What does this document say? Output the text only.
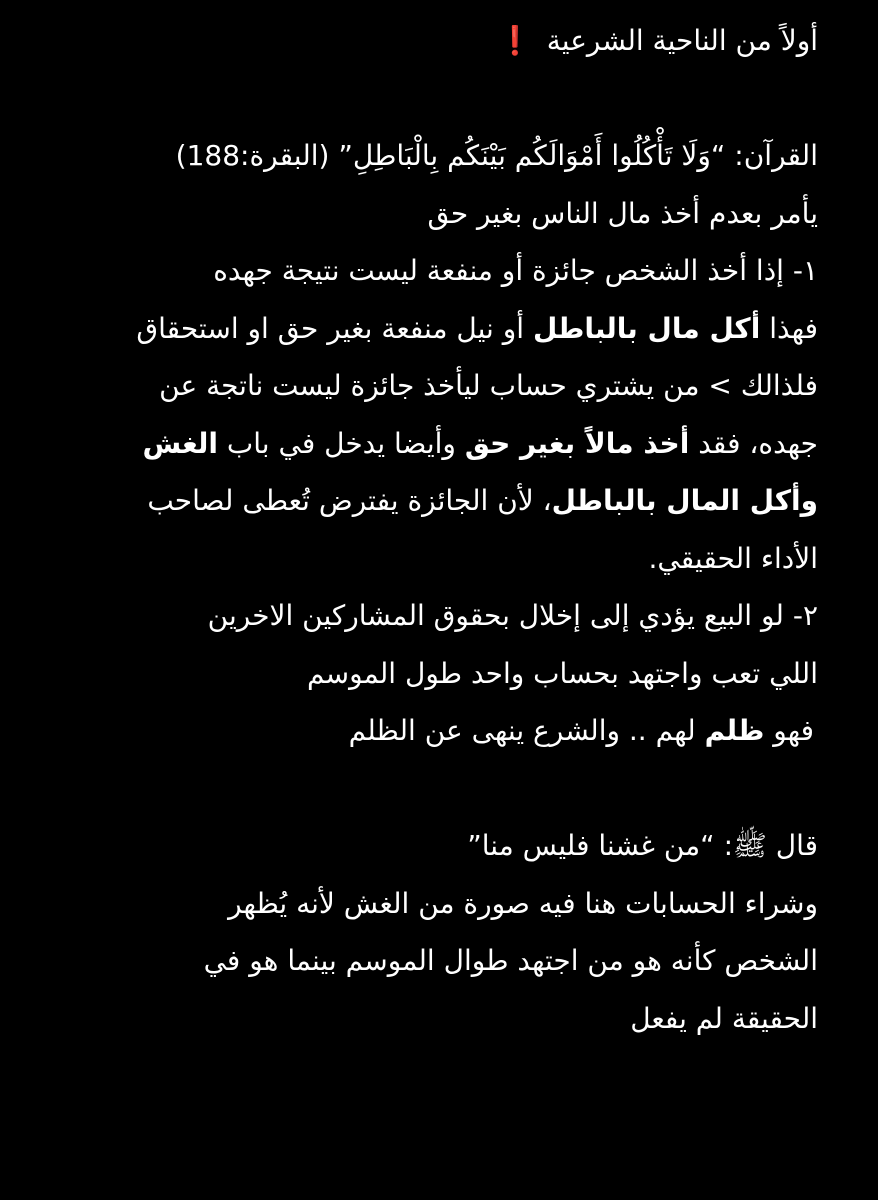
أولاً من الناحية الشرعية❗
القرآن: “وَلَا تَأْكُلُوا أَمْوَالَكُم بَيْنَكُم بِالْبَاطِلِ” (البقرة:188)
يأمر بعدم أخذ مال الناس بغير حق
١- إذا أخذ الشخص جائزة أو منفعة ليست نتيجة جهده
فهذا أكل مال بالباطل أو نيل منفعة بغير حق او استحقاق
فلذالك > من يشتري حساب ليأخذ جائزة ليست ناتجة عن
جهده، فقد أخذ مالاً بغير حق وأيضا يدخل في باب الغش
وأكل المال بالباطل، لأن الجائزة يفترض تُعطى لصاحب
الأداء الحقيقي.
٢- لو البيع يؤدي إلى إخلال بحقوق المشاركين الاخرين
اللي تعب واجتهد بحساب واحد طول الموسم
فهو ظلم لهم .. والشرع ينهى عن الظلم
قال ﷺ: “من غشنا فليس منا”
وشراء الحسابات هنا فيه صورة من الغش لأنه يُظهر
الشخص كأنه هو من اجتهد طوال الموسم بينما هو في
الحقيقة لم يفعل
